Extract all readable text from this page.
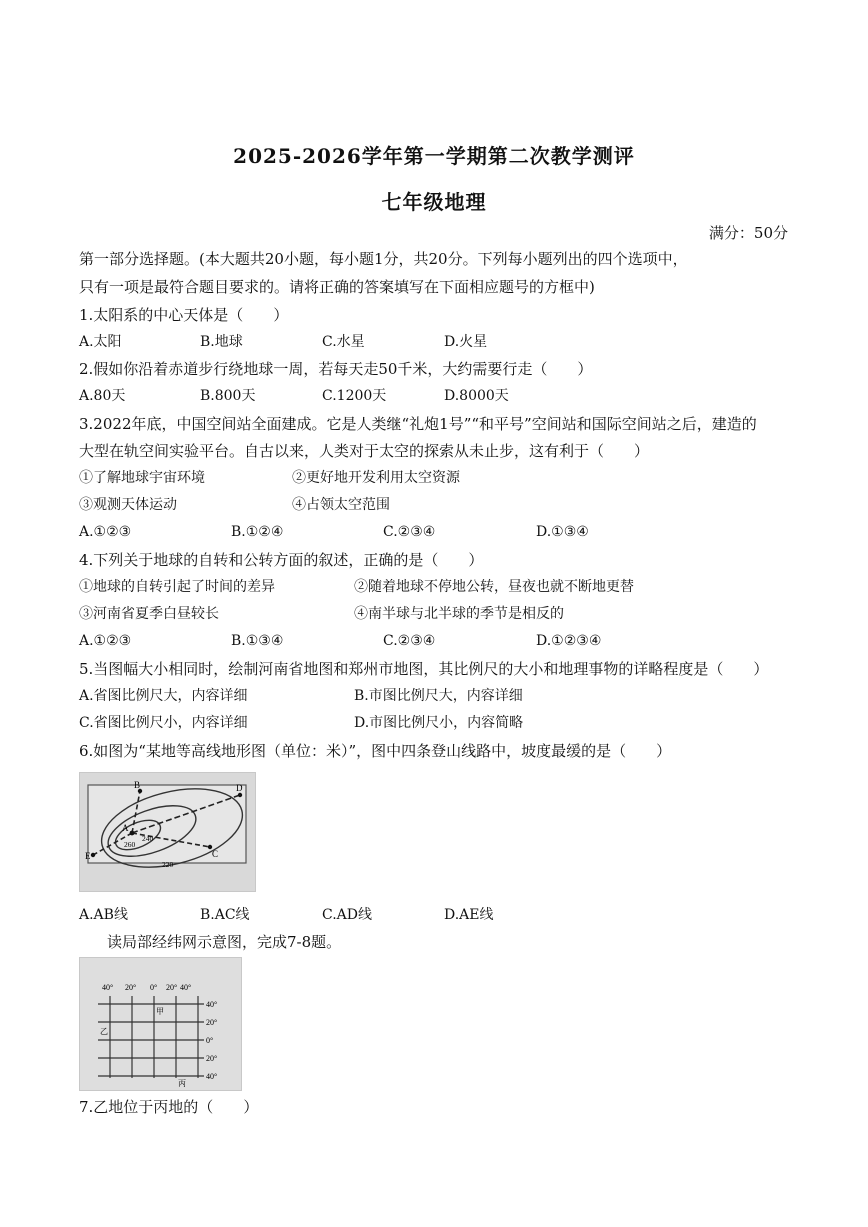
2025-2026学年第一学期第二次教学测评
七年级地理
满分：50分
第一部分选择题。(本大题共20小题，每小题1分，共20分。下列每小题列出的四个选项中，
只有一项是最符合题目要求的。请将正确的答案填写在下面相应题号的方框中)
1.太阳系的中心天体是（　　）
A.太阳	B.地球	C.水星	D.火星
2.假如你沿着赤道步行绕地球一周，若每天走50千米，大约需要行走（　　）
A.80天	B.800天	C.1200天	D.8000天
3.2022年底，中国空间站全面建成。它是人类继“礼炮1号”“和平号”空间站和国际空间站之后，建造的
大型在轨空间实验平台。自古以来，人类对于太空的探索从未止步，这有利于（　　）
①了解地球宇宙环境	②更好地开发利用太空资源
③观测天体运动	④占领太空范围
A.①②③	B.①②④	C.②③④	D.①③④
4.下列关于地球的自转和公转方面的叙述，正确的是（　　）
①地球的自转引起了时间的差异	②随着地球不停地公转，昼夜也就不断地更替
③河南省夏季白昼较长	④南半球与北半球的季节是相反的
A.①②③	B.①③④	C.②③④	D.①②③④
5.当图幅大小相同时，绘制河南省地图和郑州市地图，其比例尺的大小和地理事物的详略程度是（　　）
A.省图比例尺大，内容详细	B.市图比例尺大，内容详细
C.省图比例尺小，内容详细	D.市图比例尺小，内容简略
6.如图为“某地等高线地形图（单位：米）”，图中四条登山线路中，坡度最缓的是（　　）
B	D
A
C
E
220
240
260
A.AB线	B.AC线	C.AD线	D.AE线
读局部经纬网示意图，完成7-8题。
40° 20° 0° 20° 40°
40°
20°
0°
20°
40°
甲
乙
丙
7.乙地位于丙地的（　　）
